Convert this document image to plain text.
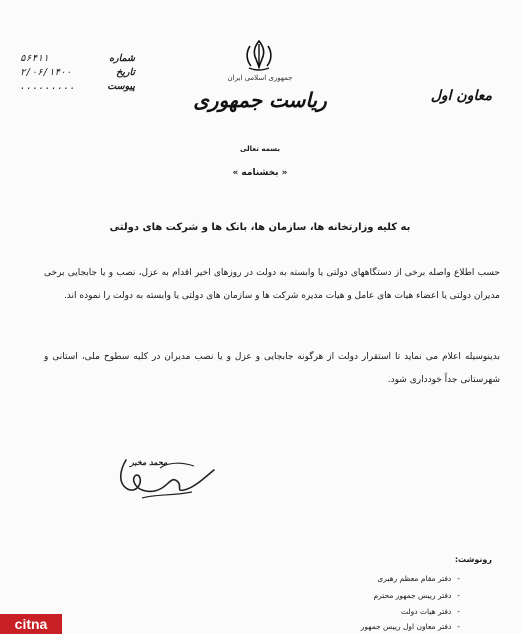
شماره
۵۶۴۱۱
تاریخ
۲/۰۶/۱۴۰۰
پیوست
.........
جمهوری اسلامی ایران
ریاست جمهوری	معاون اول
بسمه تعالی
« بخشنامه »
به کلیه وزارتخانه ها، سازمان ها، بانک ها و شرکت های دولتی
حسب اطلاع واصله برخی از دستگاههای دولتی یا وابسته به دولت در روزهای اخیر اقدام به عزل، نصب و یا جابجایی برخی مدیران دولتی یا اعضاء هیات های عامل و هیات مدیره شرکت ها و سازمان های دولتی یا وابسته به دولت را نموده اند.
بدینوسیله اعلام می نماید تا استقرار دولت از هرگونه جابجایی و عزل و یا نصب مدیران در کلیه سطوح ملی، استانی و شهرستانی جداً خودداری شود.
محمد مخبر
رونوشت:
-دفتر مقام معظم رهبری
-دفتر رییس جمهور محترم
-دفتر هیات دولت
-دفتر معاون اول رییس جمهور
citna
